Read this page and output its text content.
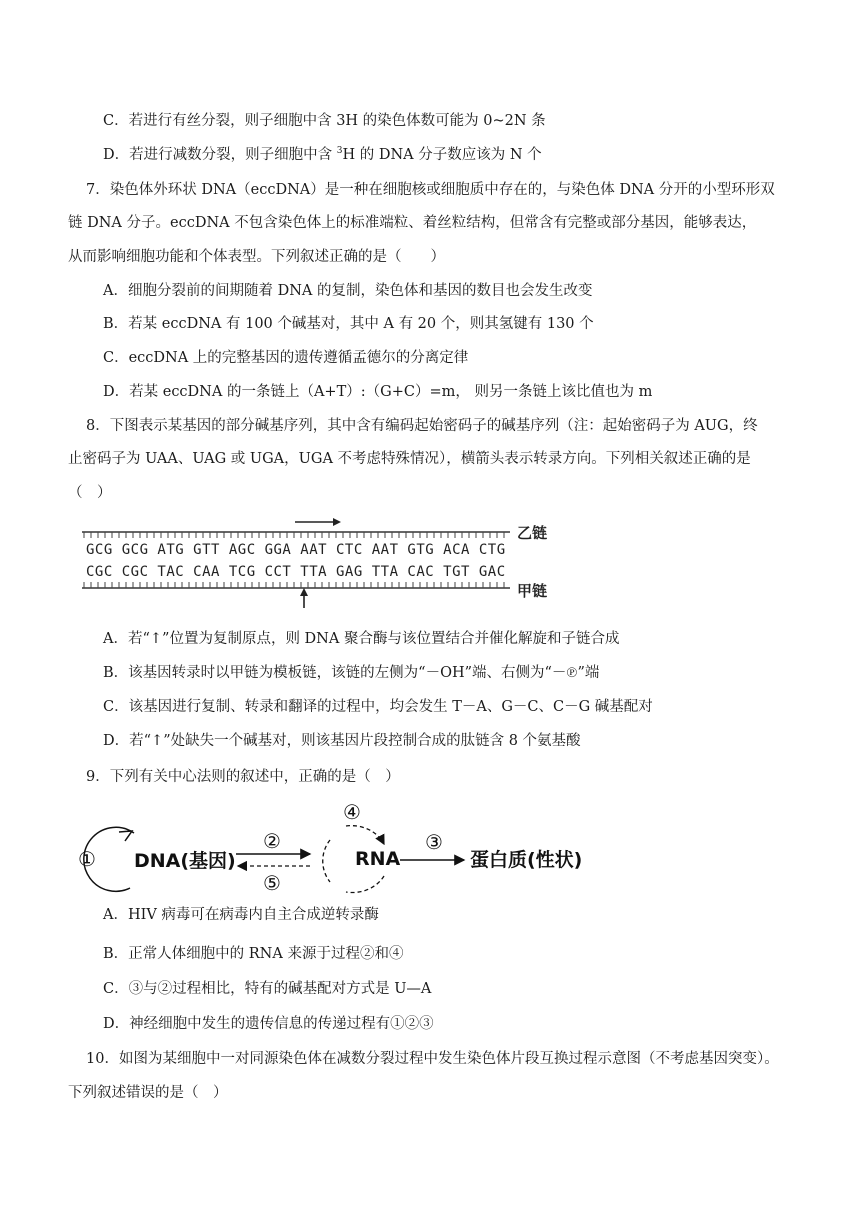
C．若进行有丝分裂，则子细胞中含 3H 的染色体数可能为 0~2N 条
D．若进行减数分裂，则子细胞中含 $^3$H 的 DNA 分子数应该为 N 个
7．染色体外环状 DNA（eccDNA）是一种在细胞核或细胞质中存在的，与染色体 DNA 分开的小型环形双
链 DNA 分子。eccDNA 不包含染色体上的标准端粒、着丝粒结构，但常含有完整或部分基因，能够表达，
从而影响细胞功能和个体表型。下列叙述正确的是（　　）
A．细胞分裂前的间期随着 DNA 的复制，染色体和基因的数目也会发生改变
B．若某 eccDNA 有 100 个碱基对，其中 A 有 20 个，则其氢键有 130 个
C．eccDNA 上的完整基因的遗传遵循孟德尔的分离定律
D．若某 eccDNA 的一条链上（A+T）:（G+C）=m， 则另一条链上该比值也为 m
8．下图表示某基因的部分碱基序列，其中含有编码起始密码子的碱基序列（注：起始密码子为 AUG，终
止密码子为 UAA、UAG 或 UGA，UGA 不考虑特殊情况），横箭头表示转录方向。下列相关叙述正确的是
（　）
GCG GCG ATG GTT AGC GGA AAT CTC AAT GTG ACA CTG
CGC CGC TAC CAA TCG CCT TTA GAG TTA CAC TGT GAC
乙链
甲链
A．若“↑”位置为复制原点，则 DNA 聚合酶与该位置结合并催化解旋和子链合成
B．该基因转录时以甲链为模板链，该链的左侧为“－OH”端、右侧为“－℗”端
C．该基因进行复制、转录和翻译的过程中，均会发生 T－A、G－C、C－G 碱基配对
D．若“↑”处缺失一个碱基对，则该基因片段控制合成的肽链含 8 个氨基酸
9．下列有关中心法则的叙述中，正确的是（　）
① DNA(基因)
②
⑤
④
RNA
③
蛋白质(性状)
A．HIV 病毒可在病毒内自主合成逆转录酶
B．正常人体细胞中的 RNA 来源于过程②和④
C．③与②过程相比，特有的碱基配对方式是 U—A
D．神经细胞中发生的遗传信息的传递过程有①②③
10．如图为某细胞中一对同源染色体在减数分裂过程中发生染色体片段互换过程示意图（不考虑基因突变）。
下列叙述错误的是（　）
